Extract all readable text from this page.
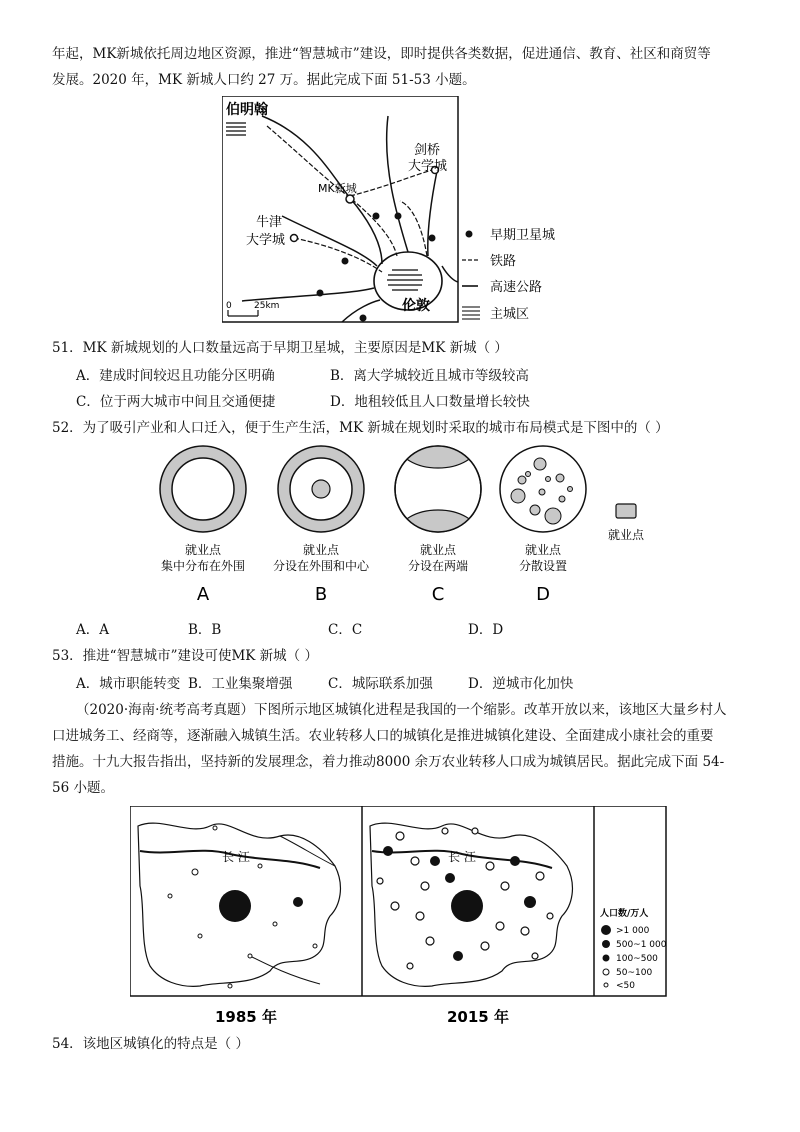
年起，MK新城依托周边地区资源，推进“智慧城市”建设，即时提供各类数据，促进通信、教育、社区和商贸等
发展。2020 年，MK 新城人口约 27 万。据此完成下面 51-53 小题。
伯明翰
剑桥
大学城
MK新城
牛津
大学城
伦敦
0 25km
早期卫星城
铁路
高速公路
主城区
51．MK 新城规划的人口数量远高于早期卫星城，主要原因是MK 新城（ ）
A．建成时间较迟且功能分区明确	B．离大学城较近且城市等级较高
C．位于两大城市中间且交通便捷	D．地租较低且人口数量增长较快
52．为了吸引产业和人口迁入，便于生产生活，MK 新城在规划时采取的城市布局模式是下图中的（ ）
就业点
集中分布在外围
A
就业点
分设在外围和中心
B
就业点
分设在两端
C
就业点
分散设置
D
就业点
A．A	B．B	C．C	D．D
53．推进“智慧城市”建设可使MK 新城（ ）
A．城市职能转变 B．工业集聚增强	C．城际联系加强	D．逆城市化加快
（2020·海南·统考高考真题）下图所示地区城镇化进程是我国的一个缩影。改革开放以来，该地区大量乡村人
口进城务工、经商等，逐渐融入城镇生活。农业转移人口的城镇化是推进城镇化建设、全面建成小康社会的重要
措施。十九大报告指出，坚持新的发展理念，着力推动8000 余万农业转移人口成为城镇居民。据此完成下面 54-
56 小题。
长 江	长 江
人口数/万人
>1 000
500~1 000
100~500
50~100
<50
1985 年	2015 年
54．该地区城镇化的特点是（ ）
